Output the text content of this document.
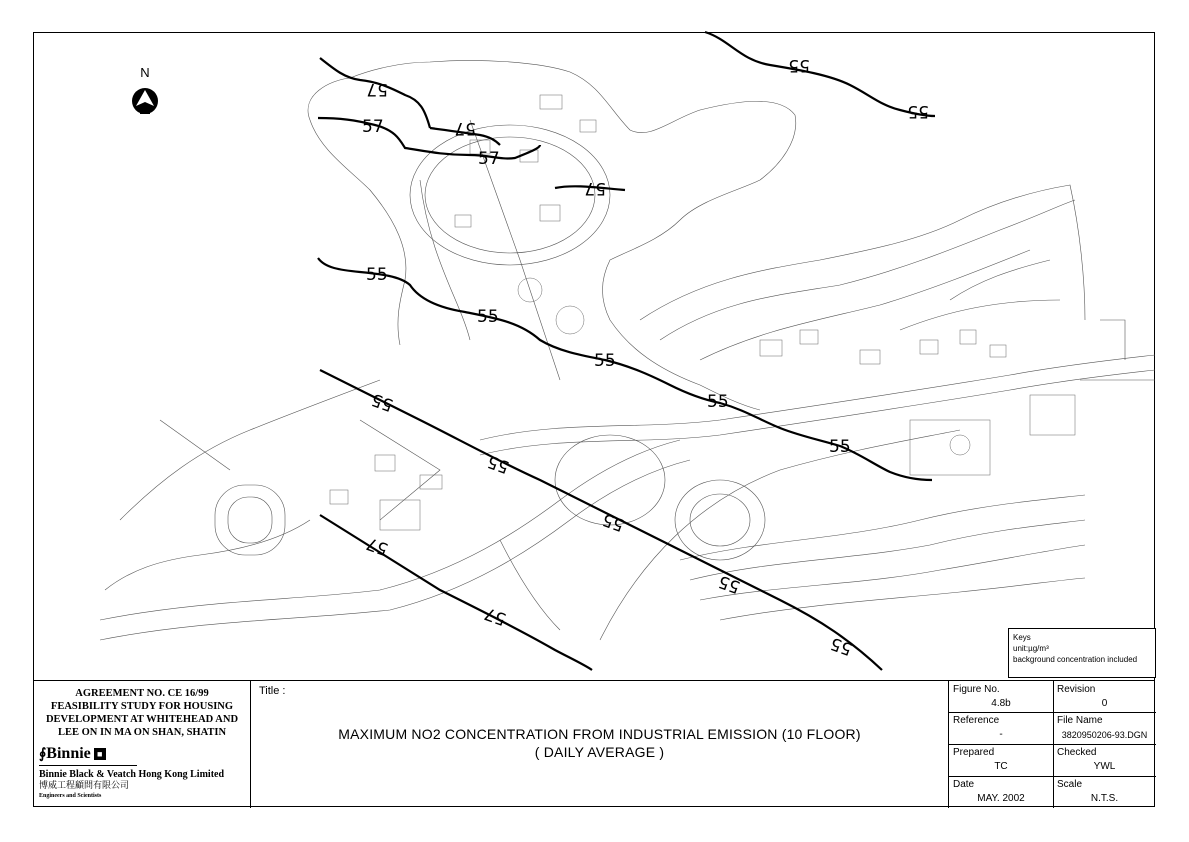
55
55
57
57	57
57
57
55
55
55
55
55
55
55
55
55
55
57
57
N
Keys
unit:µg/m³
background concentration included
AGREEMENT NO. CE 16/99
FEASIBILITY STUDY FOR HOUSING
DEVELOPMENT AT WHITEHEAD AND
LEE ON IN MA ON SHAN, SHATIN
∮Binnie ■
Binnie Black & Veatch Hong Kong Limited
博威工程顧問有限公司
Engineers and Scientists
Title :
MAXIMUM NO2 CONCENTRATION FROM INDUSTRIAL EMISSION (10 FLOOR)
( DAILY AVERAGE )
Figure No.
4.8b
Revision
0
Reference
-
File Name
3820950206-93.DGN
Prepared
TC
Checked
YWL
Date
MAY. 2002
Scale
N.T.S.
